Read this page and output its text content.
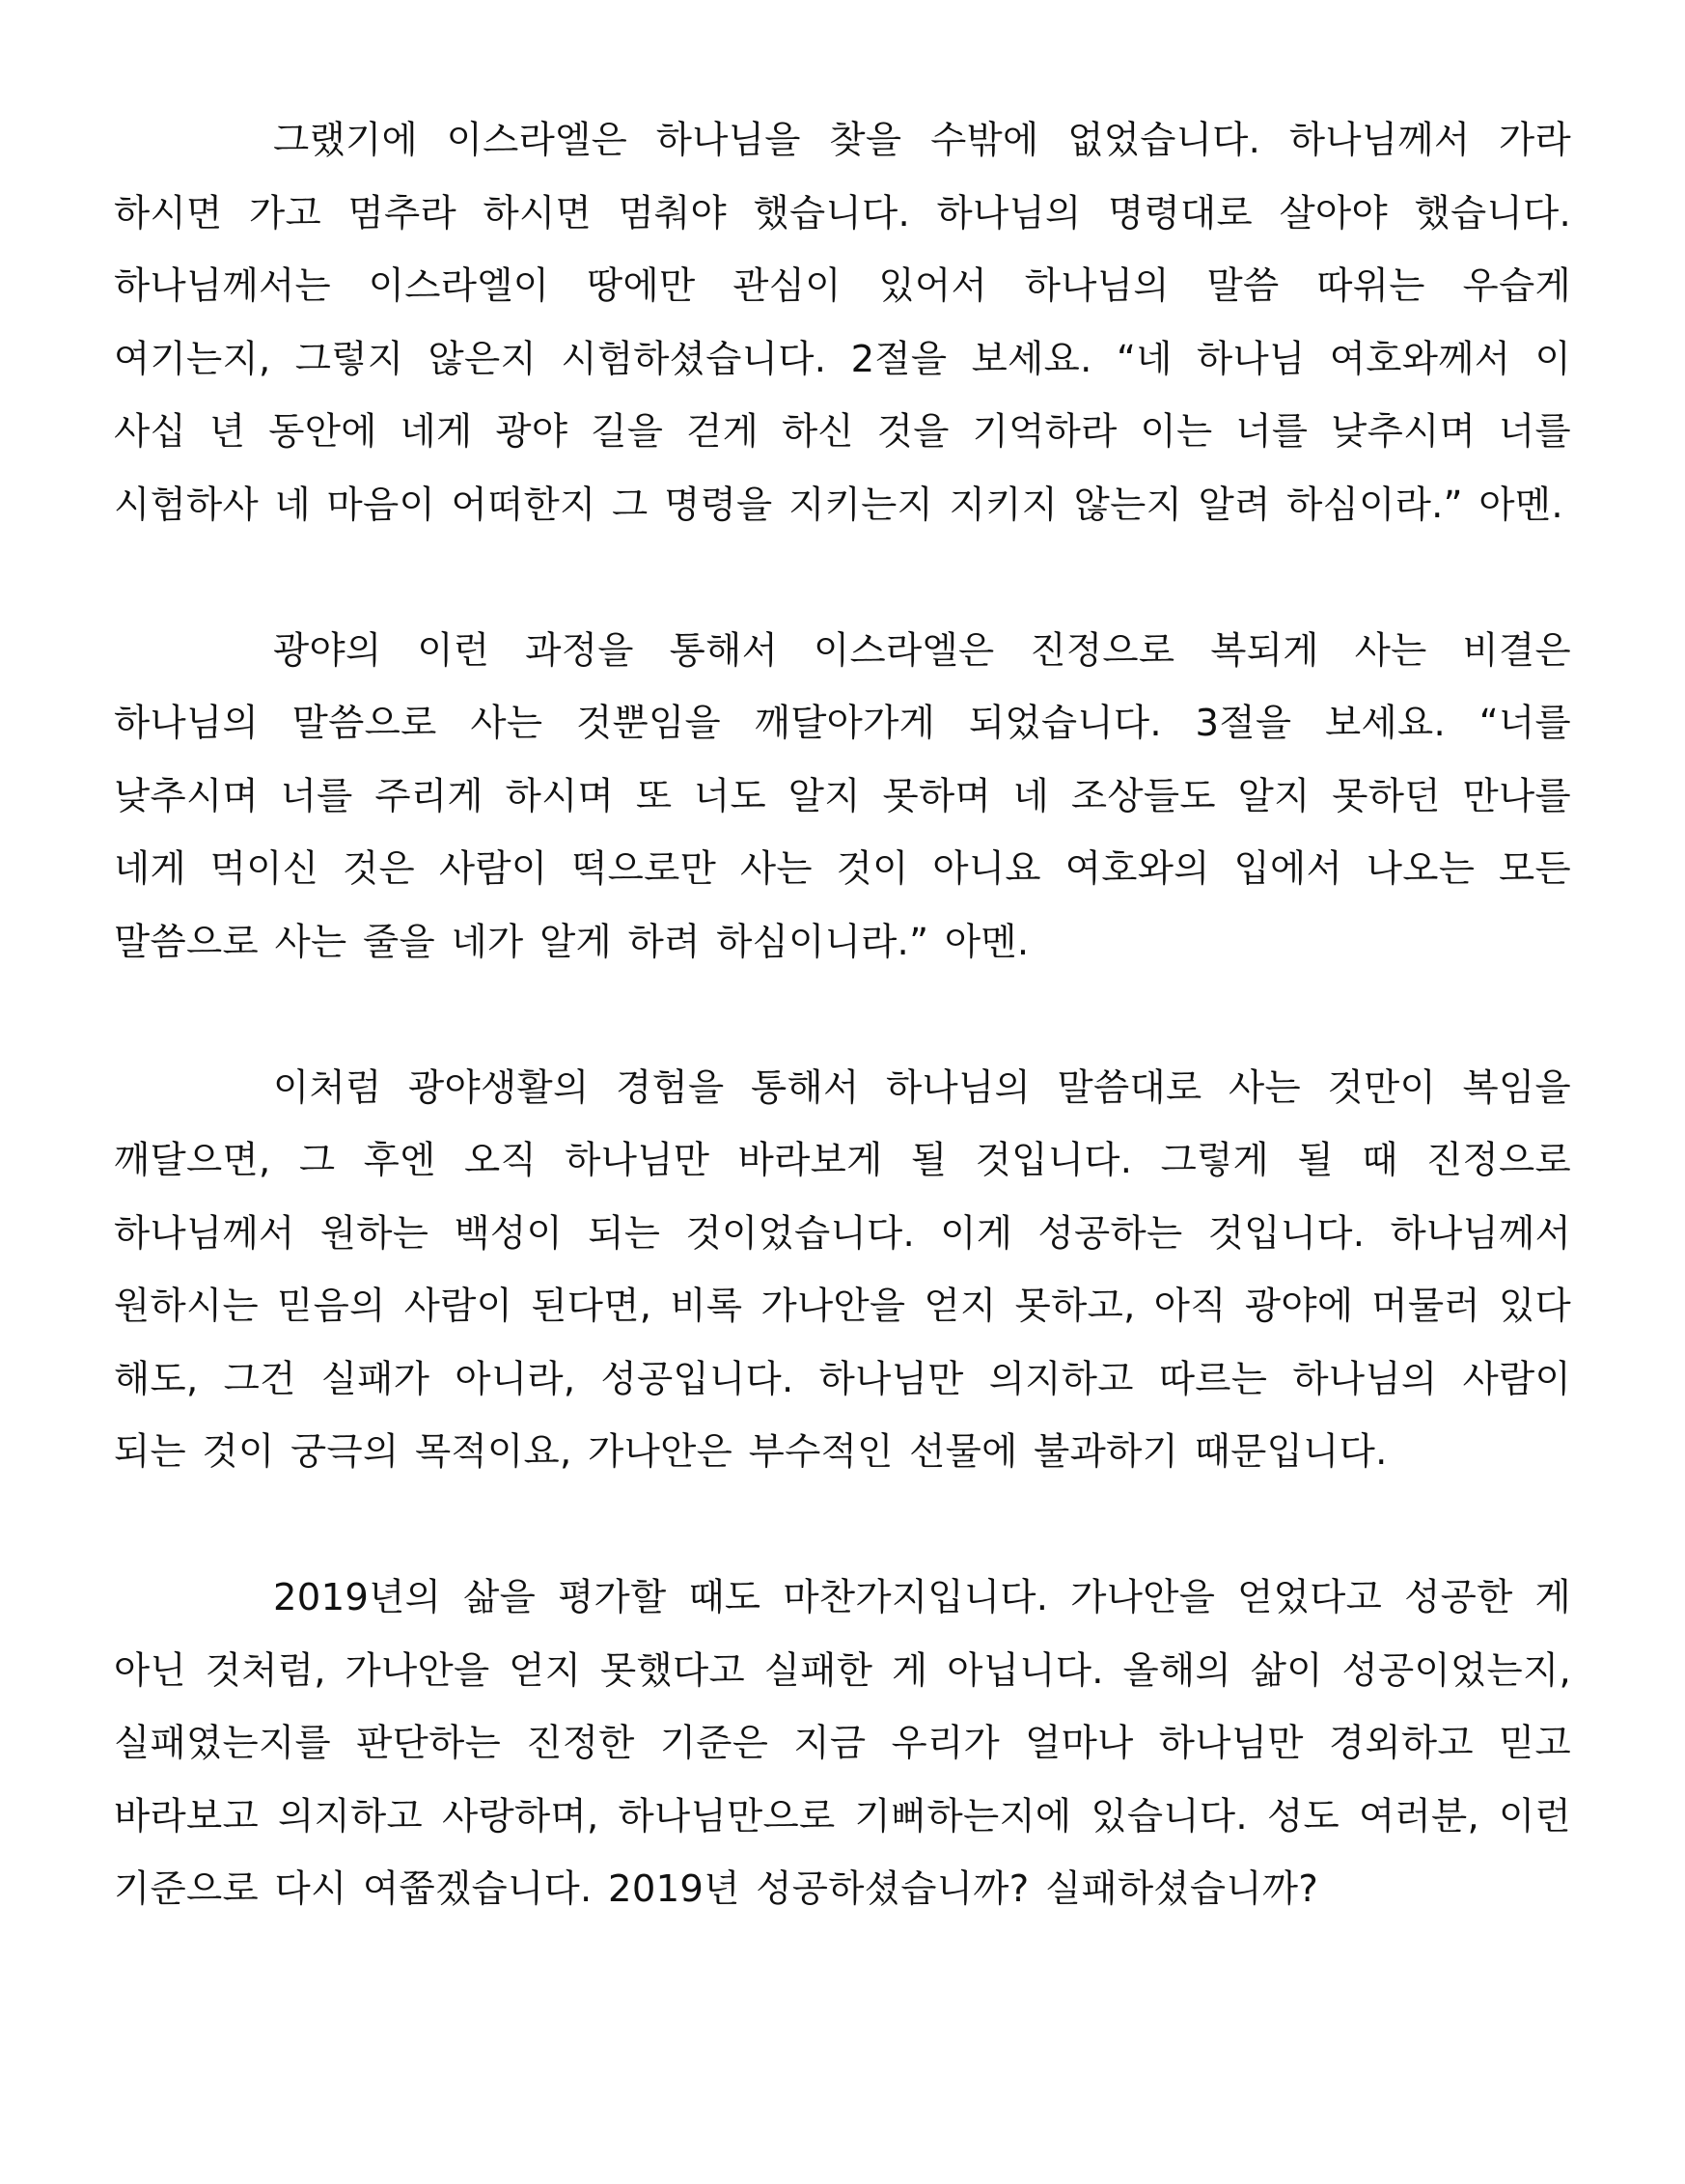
그랬기에 이스라엘은 하나님을 찾을 수밖에 없었습니다. 하나님께서 가라 하시면 가고 멈추라 하시면 멈춰야 했습니다. 하나님의 명령대로 살아야 했습니다. 하나님께서는 이스라엘이 땅에만 관심이 있어서 하나님의 말씀 따위는 우습게 여기는지, 그렇지 않은지 시험하셨습니다. 2절을 보세요. “네 하나님 여호와께서 이 사십 년 동안에 네게 광야 길을 걷게 하신 것을 기억하라 이는 너를 낮추시며 너를 시험하사 네 마음이 어떠한지 그 명령을 지키는지 지키지 않는지 알려 하심이라.” 아멘.

광야의 이런 과정을 통해서 이스라엘은 진정으로 복되게 사는 비결은 하나님의 말씀으로 사는 것뿐임을 깨달아가게 되었습니다. 3절을 보세요. “너를 낮추시며 너를 주리게 하시며 또 너도 알지 못하며 네 조상들도 알지 못하던 만나를 네게 먹이신 것은 사람이 떡으로만 사는 것이 아니요 여호와의 입에서 나오는 모든 말씀으로 사는 줄을 네가 알게 하려 하심이니라.” 아멘.

이처럼 광야생활의 경험을 통해서 하나님의 말씀대로 사는 것만이 복임을 깨달으면, 그 후엔 오직 하나님만 바라보게 될 것입니다. 그렇게 될 때 진정으로 하나님께서 원하는 백성이 되는 것이었습니다. 이게 성공하는 것입니다. 하나님께서 원하시는 믿음의 사람이 된다면, 비록 가나안을 얻지 못하고, 아직 광야에 머물러 있다 해도, 그건 실패가 아니라, 성공입니다. 하나님만 의지하고 따르는 하나님의 사람이 되는 것이 궁극의 목적이요, 가나안은 부수적인 선물에 불과하기 때문입니다.

2019년의 삶을 평가할 때도 마찬가지입니다. 가나안을 얻었다고 성공한 게 아닌 것처럼, 가나안을 얻지 못했다고 실패한 게 아닙니다. 올해의 삶이 성공이었는지, 실패였는지를 판단하는 진정한 기준은 지금 우리가 얼마나 하나님만 경외하고 믿고 바라보고 의지하고 사랑하며, 하나님만으로 기뻐하는지에 있습니다. 성도 여러분, 이런 기준으로 다시 여쭙겠습니다. 2019년 성공하셨습니까? 실패하셨습니까?
